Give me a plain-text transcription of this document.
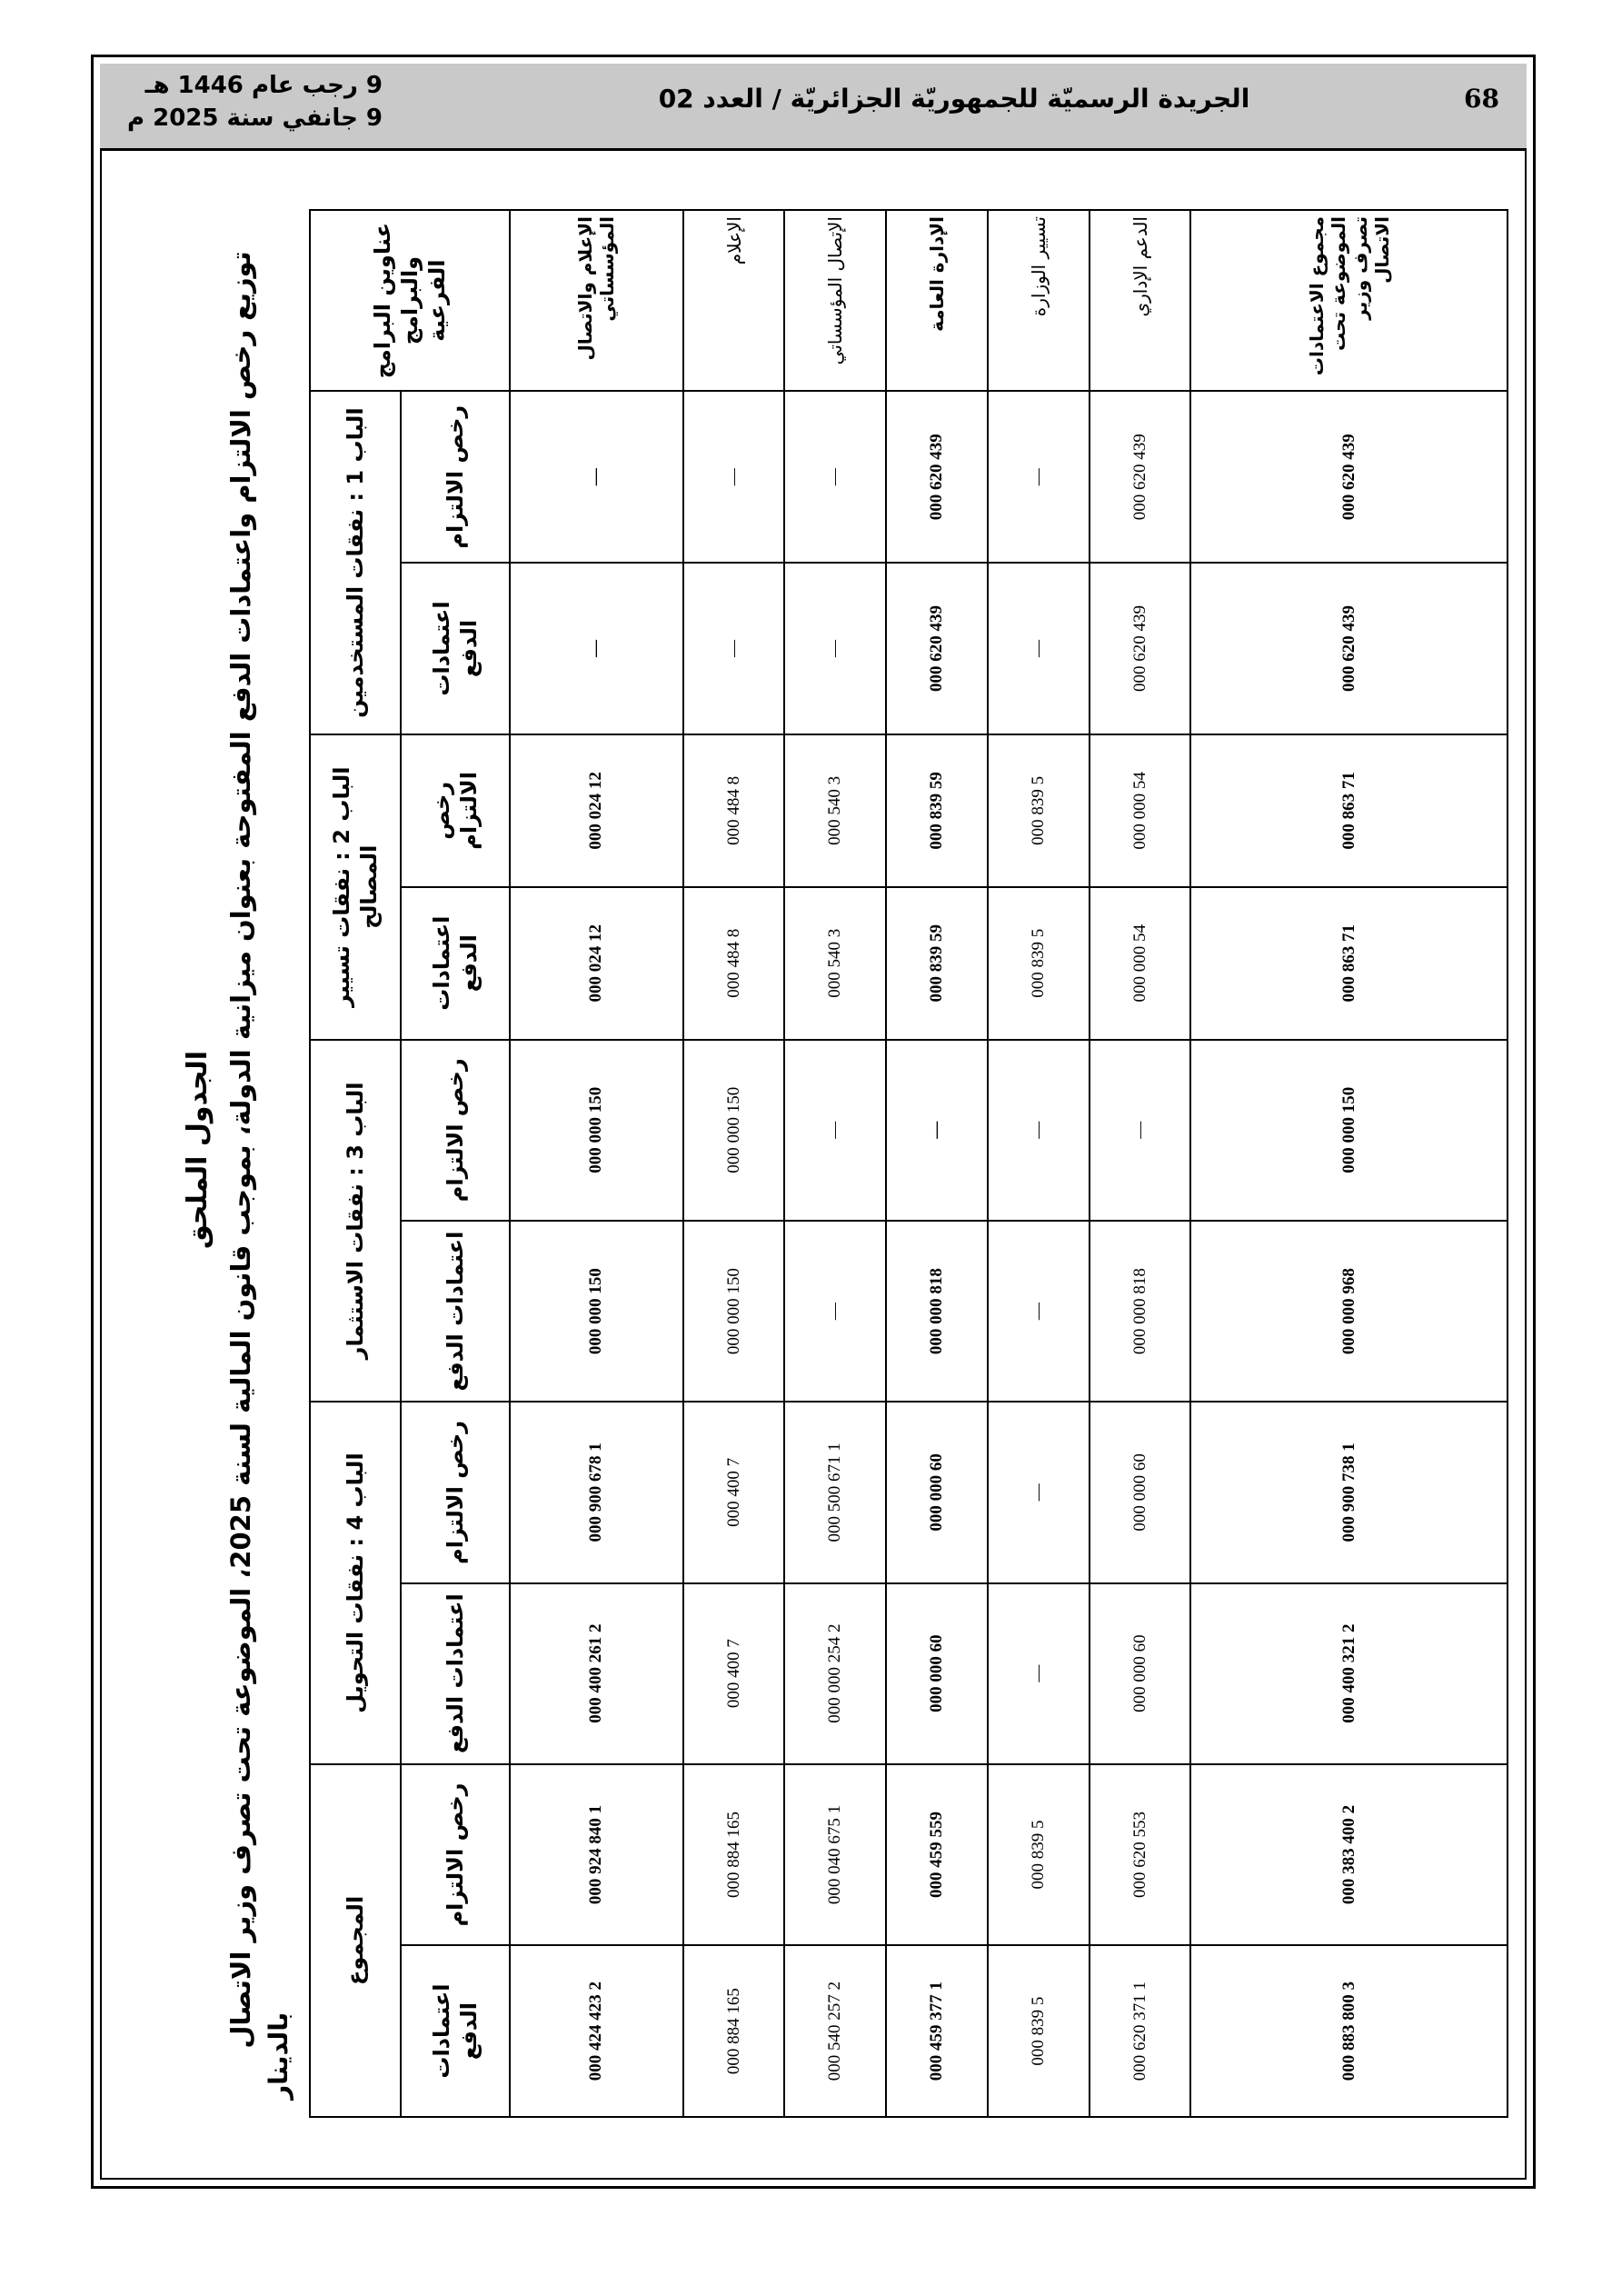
9 رجب عام 1446 هـ
9 جانفي سنة 2025 م
الجريدة الرسميّة للجمهوريّة الجزائريّة / العدد 02	68
الجدول الملحق
توزيع رخص الالتزام واعتمادات الدفع المفتوحة بعنوان ميزانية الدولة، بموجب قانون المالية لسنة 2025، الموضوعة تحت تصرف وزير الاتصال
بالدينار
عناوين البرامج والبرامج الفرعية	الباب 1 : نفقات المستخدمين		الباب 2 : نفقات تسيير المصالح		الباب 3 : نفقات الاستثمار		الباب 4 : نفقات التحويل		المجموع	
	رخص الالتزام	اعتمادات الدفع	رخص الالتزام	اعتمادات الدفع	رخص الالتزام	اعتمادات الدفع	رخص الالتزام	اعتمادات الدفع	رخص الالتزام	اعتمادات الدفع
الإعلام والاتصال المؤسساتي	—	—	12 024 000	12 024 000	150 000 000	150 000 000	1 678 900 000	2 261 400 000	1 840 924 000	2 423 424 000
الإعلام	—	—	8 484 000	8 484 000	150 000 000	150 000 000	7 400 000	7 400 000	165 884 000	165 884 000
الإتصال المؤسساتي	—	—	3 540 000	3 540 000	—	—	1 671 500 000	2 254 000 000	1 675 040 000	2 257 540 000
الإدارة العامة	439 620 000	439 620 000	59 839 000	59 839 000	—	818 000 000	60 000 000	60 000 000	559 459 000	1 377 459 000
تسيير الوزارة	—	—	5 839 000	5 839 000	—	—	—	—	5 839 000	5 839 000
الدعم الإداري	439 620 000	439 620 000	54 000 000	54 000 000	—	818 000 000	60 000 000	60 000 000	553 620 000	1 371 620 000
مجموع الاعتمادات الموضوعة تحت تصرف وزير الاتصال	439 620 000	439 620 000	71 863 000	71 863 000	150 000 000	968 000 000	1 738 900 000	2 321 400 000	2 400 383 000	3 800 883 000
